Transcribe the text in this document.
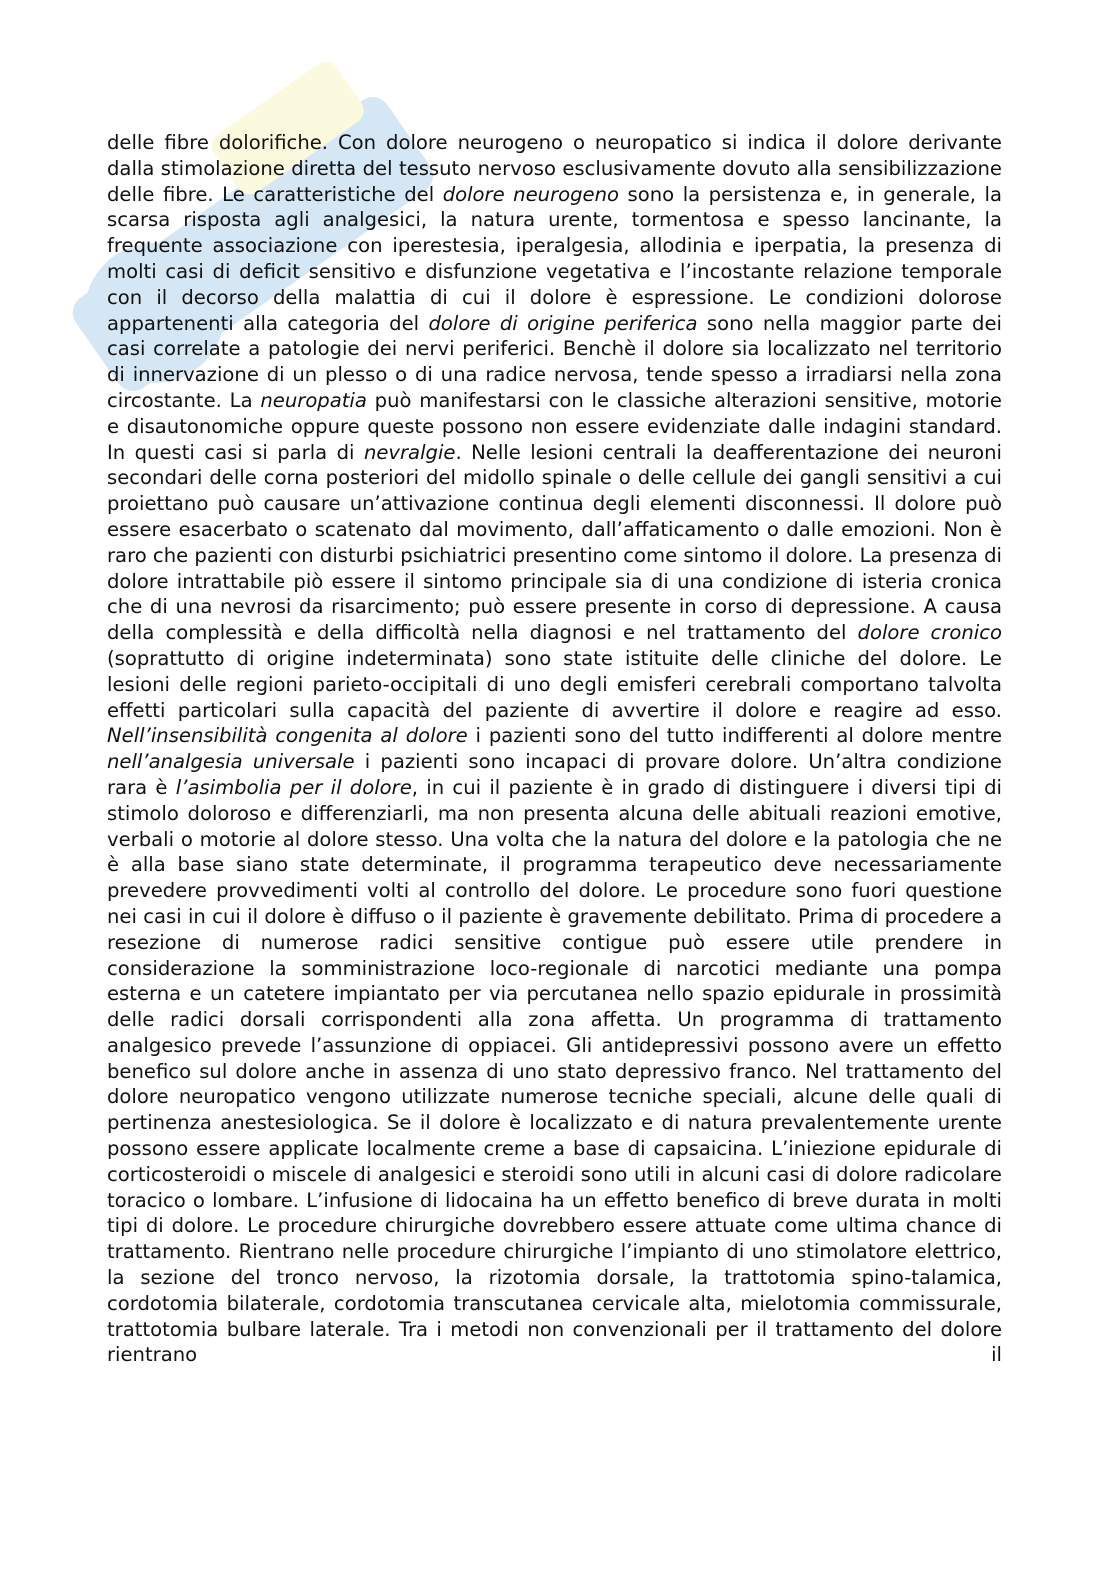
delle fibre dolorifiche. Con dolore neurogeno o neuropatico si indica il dolore derivante dalla stimolazione diretta del tessuto nervoso esclusivamente dovuto alla sensibilizzazione delle fibre. Le caratteristiche del dolore neurogeno sono la persistenza e, in generale, la scarsa risposta agli analgesici, la natura urente, tormentosa e spesso lancinante, la frequente associazione con iperestesia, iperalgesia, allodinia e iperpatia, la presenza di molti casi di deficit sensitivo e disfunzione vegetativa e l’incostante relazione temporale con il decorso della malattia di cui il dolore è espressione. Le condizioni dolorose appartenenti alla categoria del dolore di origine periferica sono nella maggior parte dei casi correlate a patologie dei nervi periferici. Benchè il dolore sia localizzato nel territorio di innervazione di un plesso o di una radice nervosa, tende spesso a irradiarsi nella zona circostante. La neuropatia può manifestarsi con le classiche alterazioni sensitive, motorie e disautonomiche oppure queste possono non essere evidenziate dalle indagini standard. In questi casi si parla di nevralgie. Nelle lesioni centrali la deafferentazione dei neuroni secondari delle corna posteriori del midollo spinale o delle cellule dei gangli sensitivi a cui proiettano può causare un’attivazione continua degli elementi disconnessi. Il dolore può essere esacerbato o scatenato dal movimento, dall’affaticamento o dalle emozioni. Non è raro che pazienti con disturbi psichiatrici presentino come sintomo il dolore. La presenza di dolore intrattabile piò essere il sintomo principale sia di una condizione di isteria cronica che di una nevrosi da risarcimento; può essere presente in corso di depressione. A causa della complessità e della difficoltà nella diagnosi e nel trattamento del dolore cronico (soprattutto di origine indeterminata) sono state istituite delle cliniche del dolore. Le lesioni delle regioni parieto-occipitali di uno degli emisferi cerebrali comportano talvolta effetti particolari sulla capacità del paziente di avvertire il dolore e reagire ad esso. Nell’insensibilità congenita al dolore i pazienti sono del tutto indifferenti al dolore mentre nell’analgesia universale i pazienti sono incapaci di provare dolore. Un’altra condizione rara è l’asimbolia per il dolore, in cui il paziente è in grado di distinguere i diversi tipi di stimolo doloroso e differenziarli, ma non presenta alcuna delle abituali reazioni emotive, verbali o motorie al dolore stesso. Una volta che la natura del dolore e la patologia che ne è alla base siano state determinate, il programma terapeutico deve necessariamente prevedere provvedimenti volti al controllo del dolore. Le procedure sono fuori questione nei casi in cui il dolore è diffuso o il paziente è gravemente debilitato. Prima di procedere a resezione di numerose radici sensitive contigue può essere utile prendere in considerazione la somministrazione loco-regionale di narcotici mediante una pompa esterna e un catetere impiantato per via percutanea nello spazio epidurale in prossimità delle radici dorsali corrispondenti alla zona affetta. Un programma di trattamento analgesico prevede l’assunzione di oppiacei. Gli antidepressivi possono avere un effetto benefico sul dolore anche in assenza di uno stato depressivo franco. Nel trattamento del dolore neuropatico vengono utilizzate numerose tecniche speciali, alcune delle quali di pertinenza anestesiologica. Se il dolore è localizzato e di natura prevalentemente urente possono essere applicate localmente creme a base di capsaicina. L’iniezione epidurale di corticosteroidi o miscele di analgesici e steroidi sono utili in alcuni casi di dolore radicolare toracico o lombare. L’infusione di lidocaina ha un effetto benefico di breve durata in molti tipi di dolore. Le procedure chirurgiche dovrebbero essere attuate come ultima chance di trattamento. Rientrano nelle procedure chirurgiche l’impianto di uno stimolatore elettrico, la sezione del tronco nervoso, la rizotomia dorsale, la trattotomia spino-talamica, cordotomia bilaterale, cordotomia transcutanea cervicale alta, mielotomia commissurale, trattotomia bulbare laterale. Tra i metodi non convenzionali per il trattamento del dolore rientrano il
